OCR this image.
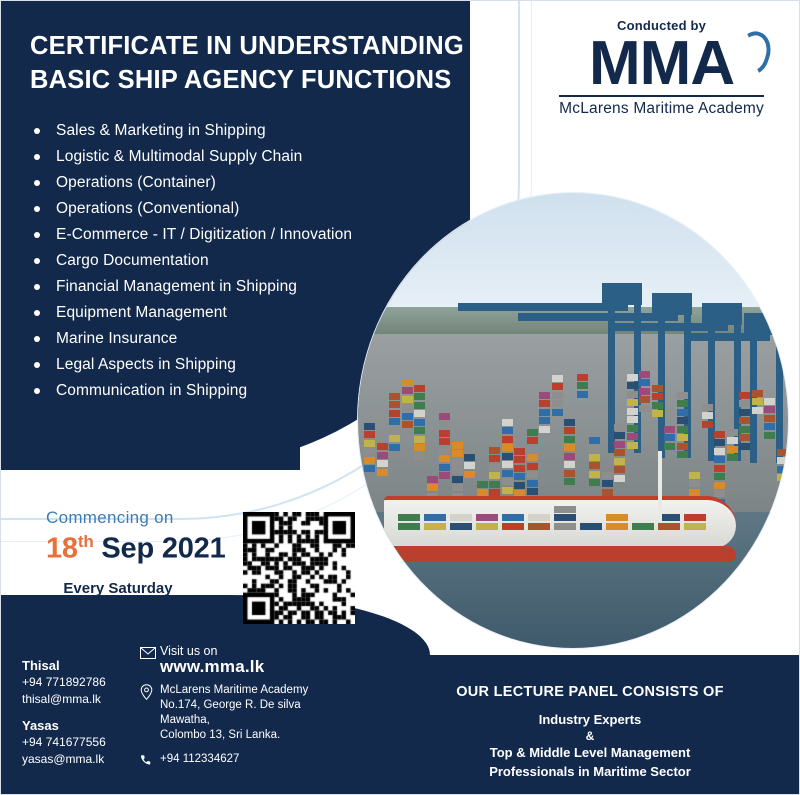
CERTIFICATE IN UNDERSTANDING
BASIC SHIP AGENCY FUNCTIONS
Sales & Marketing in Shipping
Logistic & Multimodal Supply Chain
Operations (Container)
Operations (Conventional)
E-Commerce - IT / Digitization / Innovation
Cargo Documentation
Financial Management in Shipping
Equipment Management
Marine Insurance
Legal Aspects in Shipping
Communication in Shipping
Conducted by
MMA
McLarens Maritime Academy
Commencing on
18th Sep 2021
Every Saturday
9 am - 12 pm
Duration - 4 months
Thisal
+94 771892786
thisal@mma.lk
Yasas
+94 741677556
yasas@mma.lk
Visit us on
www.mma.lk
McLarens Maritime Academy
No.174, George R. De silva Mawatha,
Colombo 13, Sri Lanka.
+94 112334627
OUR LECTURE PANEL CONSISTS OF
Industry Experts
&
Top & Middle Level Management
Professionals in Maritime Sector
